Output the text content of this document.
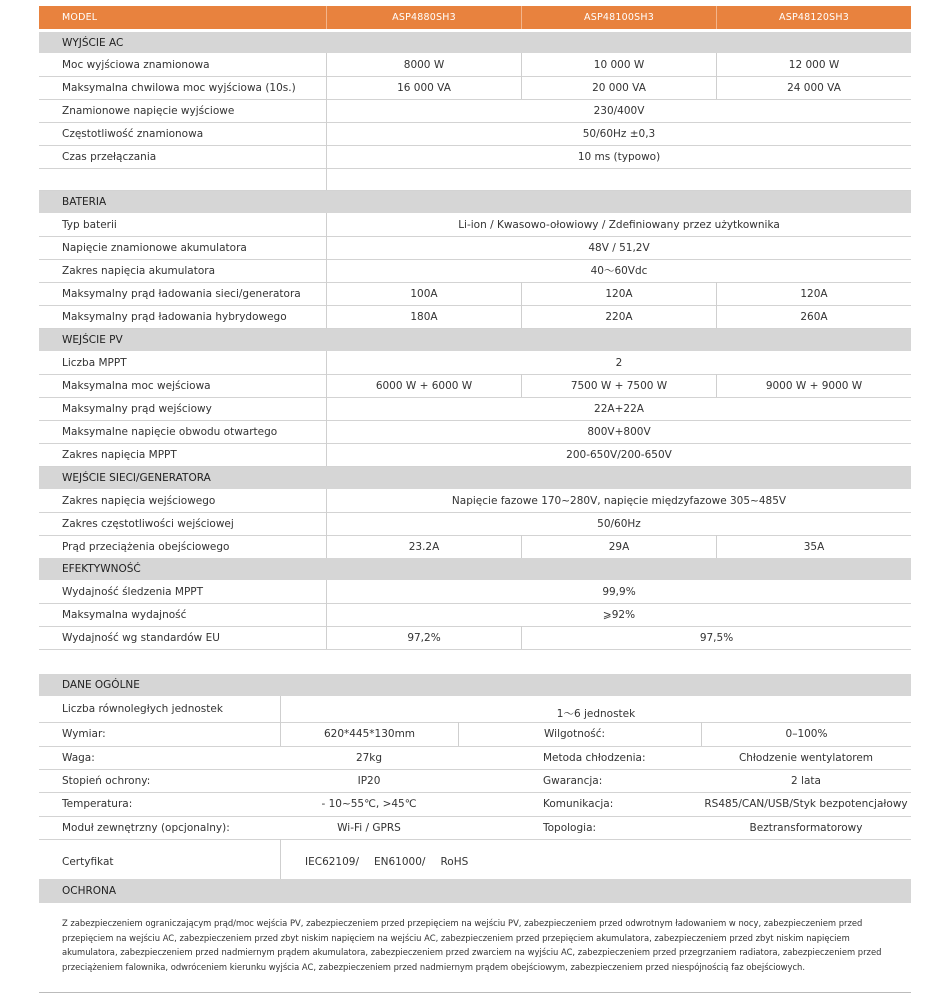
MODEL	ASP4880SH3	ASP48100SH3	ASP48120SH3
WYJŚCIE AC
Moc wyjściowa znamionowa	8000 W	10 000 W	12 000 W
Maksymalna chwilowa moc wyjściowa (10s.)	16 000 VA	20 000 VA	24 000 VA
Znamionowe napięcie wyjściowe	230/400V
Częstotliwość znamionowa	50/60Hz ±0,3
Czas przełączania	10 ms (typowo)
BATERIA
Typ baterii	Li-ion / Kwasowo-ołowiowy / Zdefiniowany przez użytkownika
Napięcie znamionowe akumulatora	48V / 51,2V
Zakres napięcia akumulatora	40～60Vdc
Maksymalny prąd ładowania sieci/generatora	100A	120A	120A
Maksymalny prąd ładowania hybrydowego	180A	220A	260A
WEJŚCIE PV
Liczba MPPT	2
Maksymalna moc wejściowa	6000 W + 6000 W	7500 W + 7500 W	9000 W + 9000 W
Maksymalny prąd wejściowy	22A+22A
Maksymalne napięcie obwodu otwartego	800V+800V
Zakres napięcia MPPT	200-650V/200-650V
WEJŚCIE SIECI/GENERATORA
Zakres napięcia wejściowego	Napięcie fazowe 170~280V, napięcie międzyfazowe 305~485V
Zakres częstotliwości wejściowej	50/60Hz
Prąd przeciążenia obejściowego	23.2A	29A	35A
EFEKTYWNOŚĆ
Wydajność śledzenia MPPT	99,9%
Maksymalna wydajność	⩾92%
Wydajność wg standardów EU	97,2%	97,5%
DANE OGÓLNE
Liczba równoległych jednostek	1～6 jednostek
Wymiar:	620*445*130mm	Wilgotność:	0–100%
Waga:	27kg	Metoda chłodzenia:	Chłodzenie wentylatorem
Stopień ochrony:	IP20	Gwarancja:	2 lata
Temperatura:	- 10~55℃, >45℃	Komunikacja:	RS485/CAN/USB/Styk bezpotencjałowy
Moduł zewnętrzny (opcjonalny):	Wi-Fi / GPRS	Topologia:	Beztransformatorowy
Certyfikat	IEC62109/ EN61000/ RoHS
OCHRONA
Z zabezpieczeniem ograniczającym prąd/moc wejścia PV, zabezpieczeniem przed przepięciem na wejściu PV, zabezpieczeniem przed odwrotnym ładowaniem w nocy, zabezpieczeniem przed przepięciem na wejściu AC, zabezpieczeniem przed zbyt niskim napięciem na wejściu AC, zabezpieczeniem przed przepięciem akumulatora, zabezpieczeniem przed zbyt niskim napięciem akumulatora, zabezpieczeniem przed nadmiernym prądem akumulatora, zabezpieczeniem przed zwarciem na wyjściu AC, zabezpieczeniem przed przegrzaniem radiatora, zabezpieczeniem przed przeciążeniem falownika, odwróceniem kierunku wyjścia AC, zabezpieczeniem przed nadmiernym prądem obejściowym, zabezpieczeniem przed niespójnością faz obejściowych.
